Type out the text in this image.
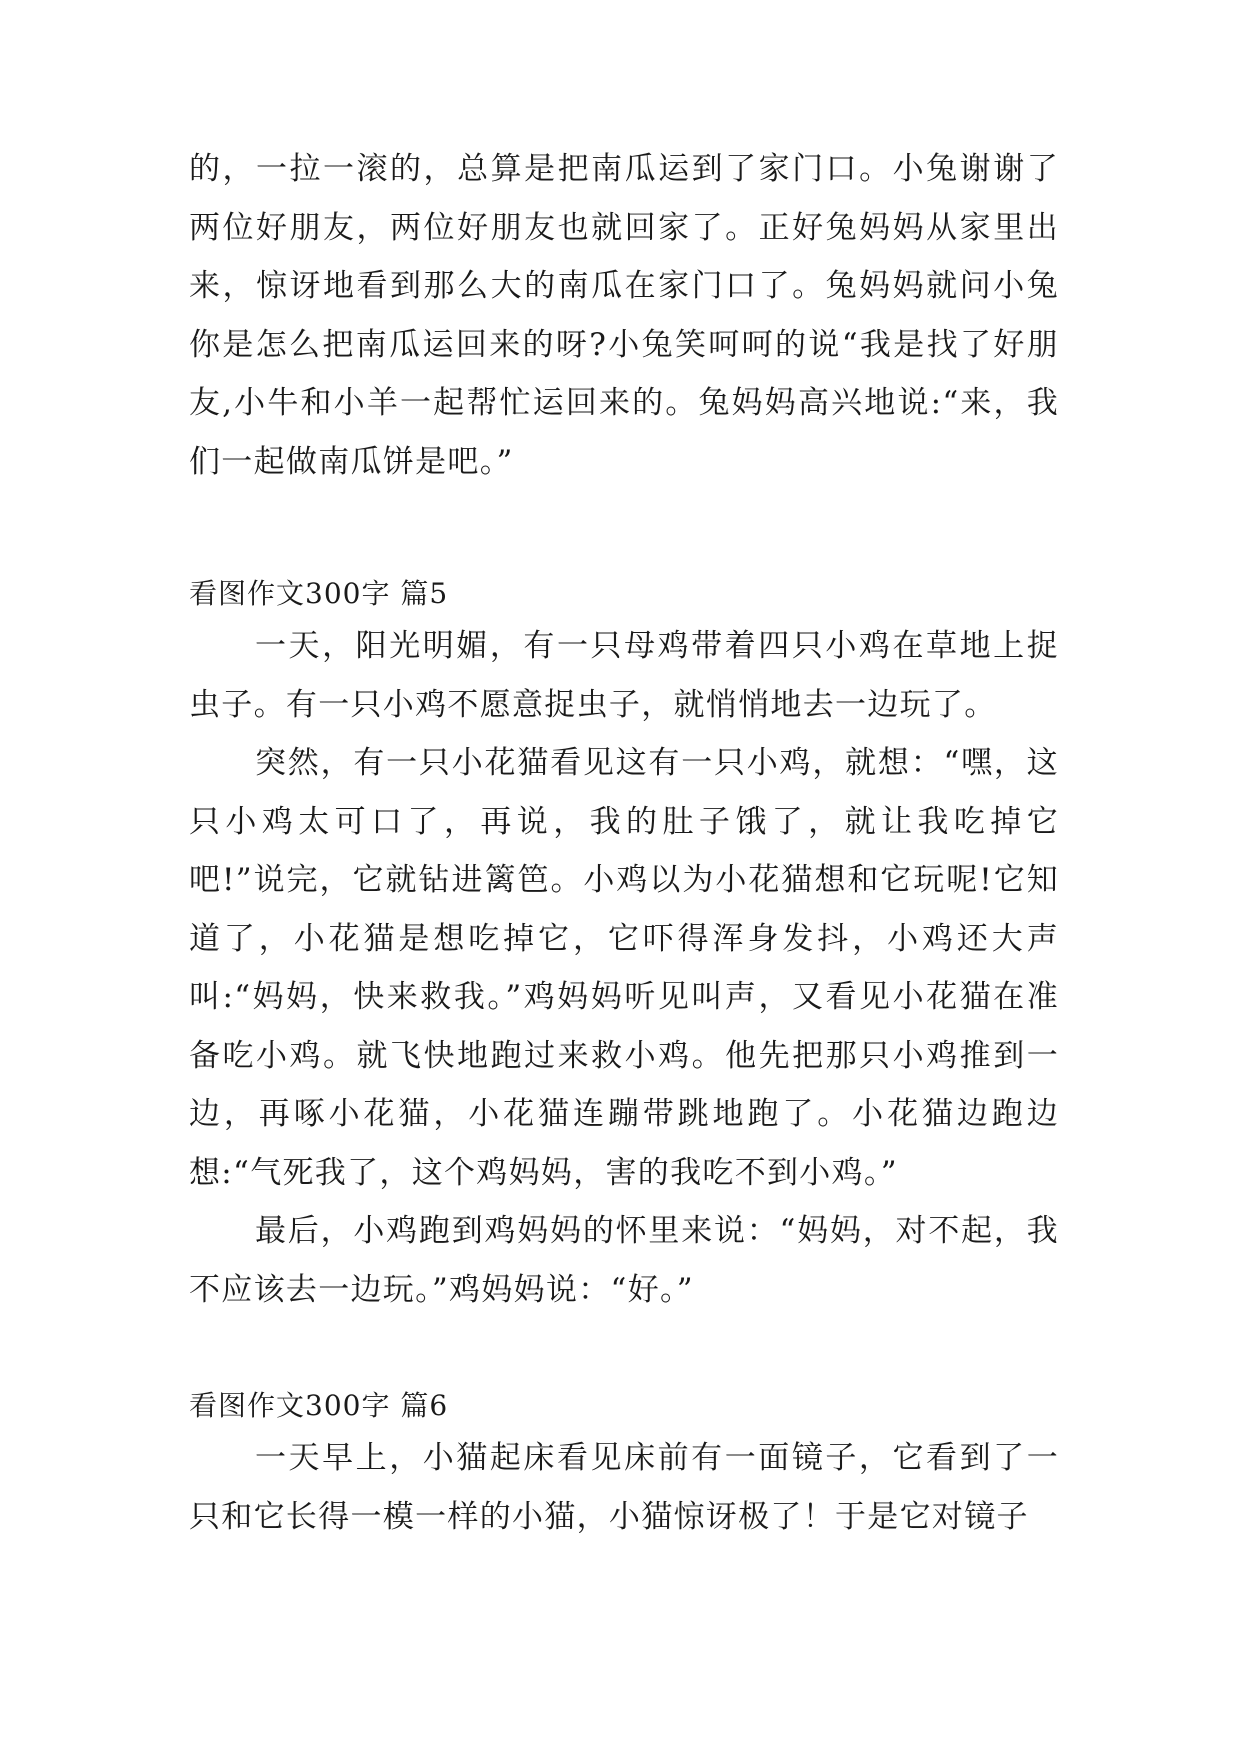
的，一拉一滚的，总算是把南瓜运到了家门口。小兔谢谢了两位好朋友，两位好朋友也就回家了。正好兔妈妈从家里出来，惊讶地看到那么大的南瓜在家门口了。兔妈妈就问小兔你是怎么把南瓜运回来的呀?小兔笑呵呵的说“我是找了好朋友,小牛和小羊一起帮忙运回来的。兔妈妈高兴地说:“来，我们一起做南瓜饼是吧。”

看图作文300字 篇5

一天，阳光明媚，有一只母鸡带着四只小鸡在草地上捉虫子。有一只小鸡不愿意捉虫子，就悄悄地去一边玩了。

突然，有一只小花猫看见这有一只小鸡，就想：“嘿，这只小鸡太可口了，再说，我的肚子饿了，就让我吃掉它吧!”说完，它就钻进篱笆。小鸡以为小花猫想和它玩呢!它知道了，小花猫是想吃掉它，它吓得浑身发抖，小鸡还大声叫:“妈妈，快来救我。”鸡妈妈听见叫声，又看见小花猫在准备吃小鸡。就飞快地跑过来救小鸡。他先把那只小鸡推到一边，再啄小花猫，小花猫连蹦带跳地跑了。小花猫边跑边想:“气死我了，这个鸡妈妈，害的我吃不到小鸡。”

最后，小鸡跑到鸡妈妈的怀里来说：“妈妈，对不起，我不应该去一边玩。”鸡妈妈说：“好。”

看图作文300字 篇6

一天早上，小猫起床看见床前有一面镜子，它看到了一只和它长得一模一样的小猫，小猫惊讶极了！于是它对镜子
